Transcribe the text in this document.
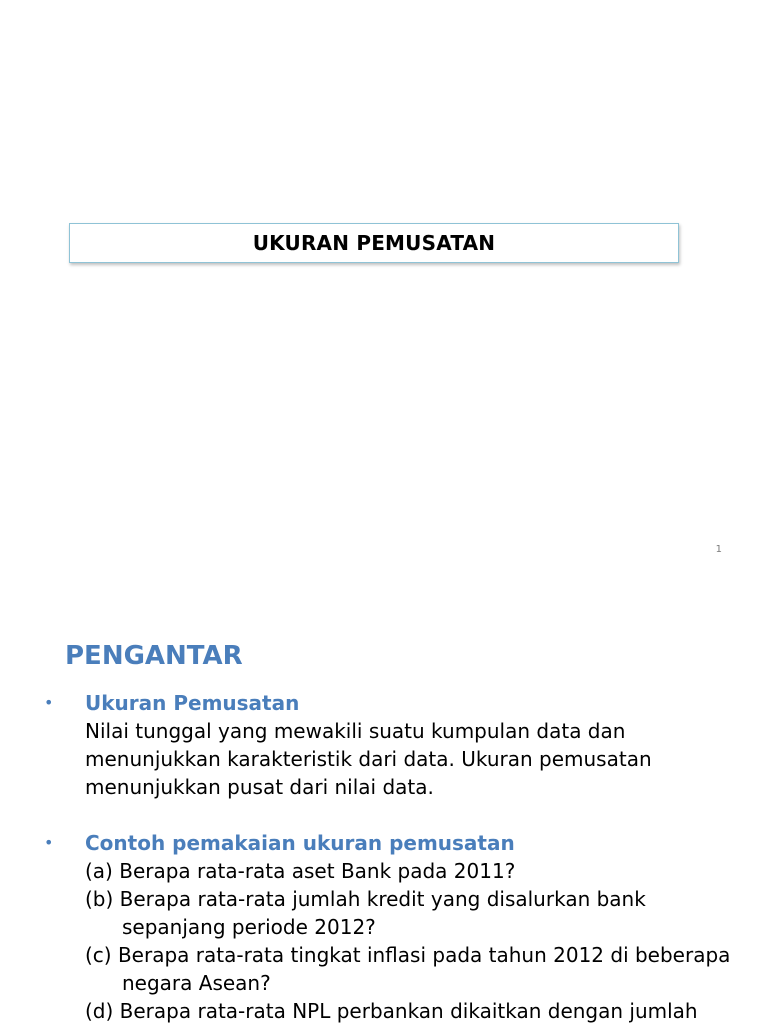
UKURAN PEMUSATAN
1
PENGANTAR
• Ukuran Pemusatan
Nilai tunggal yang mewakili suatu kumpulan data dan
menunjukkan karakteristik dari data. Ukuran pemusatan
menunjukkan pusat dari nilai data.
• Contoh pemakaian ukuran pemusatan
(a) Berapa rata-rata aset Bank pada 2011?
(b) Berapa rata-rata jumlah kredit yang disalurkan bank sepanjang periode 2012?
(c) Berapa rata-rata tingkat inflasi pada tahun 2012 di beberapa negara Asean?
(d) Berapa rata-rata NPL perbankan dikaitkan dengan jumlah
